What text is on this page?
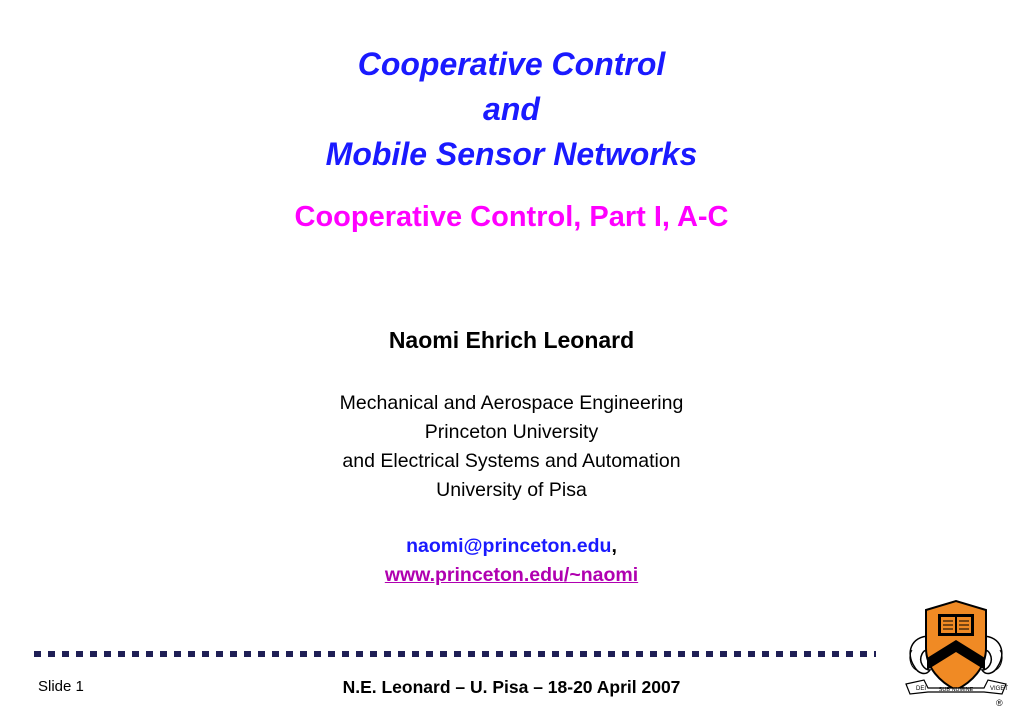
Cooperative Control
and
Mobile Sensor Networks
Cooperative Control, Part I, A-C
Naomi Ehrich Leonard
Mechanical and Aerospace Engineering
Princeton University
and Electrical Systems and Automation
University of Pisa
naomi@princeton.edu,
www.princeton.edu/~naomi
Slide 1	N.E. Leonard – U. Pisa – 18-20 April 2007	DEI SUB NUMINE	VIGET
®
